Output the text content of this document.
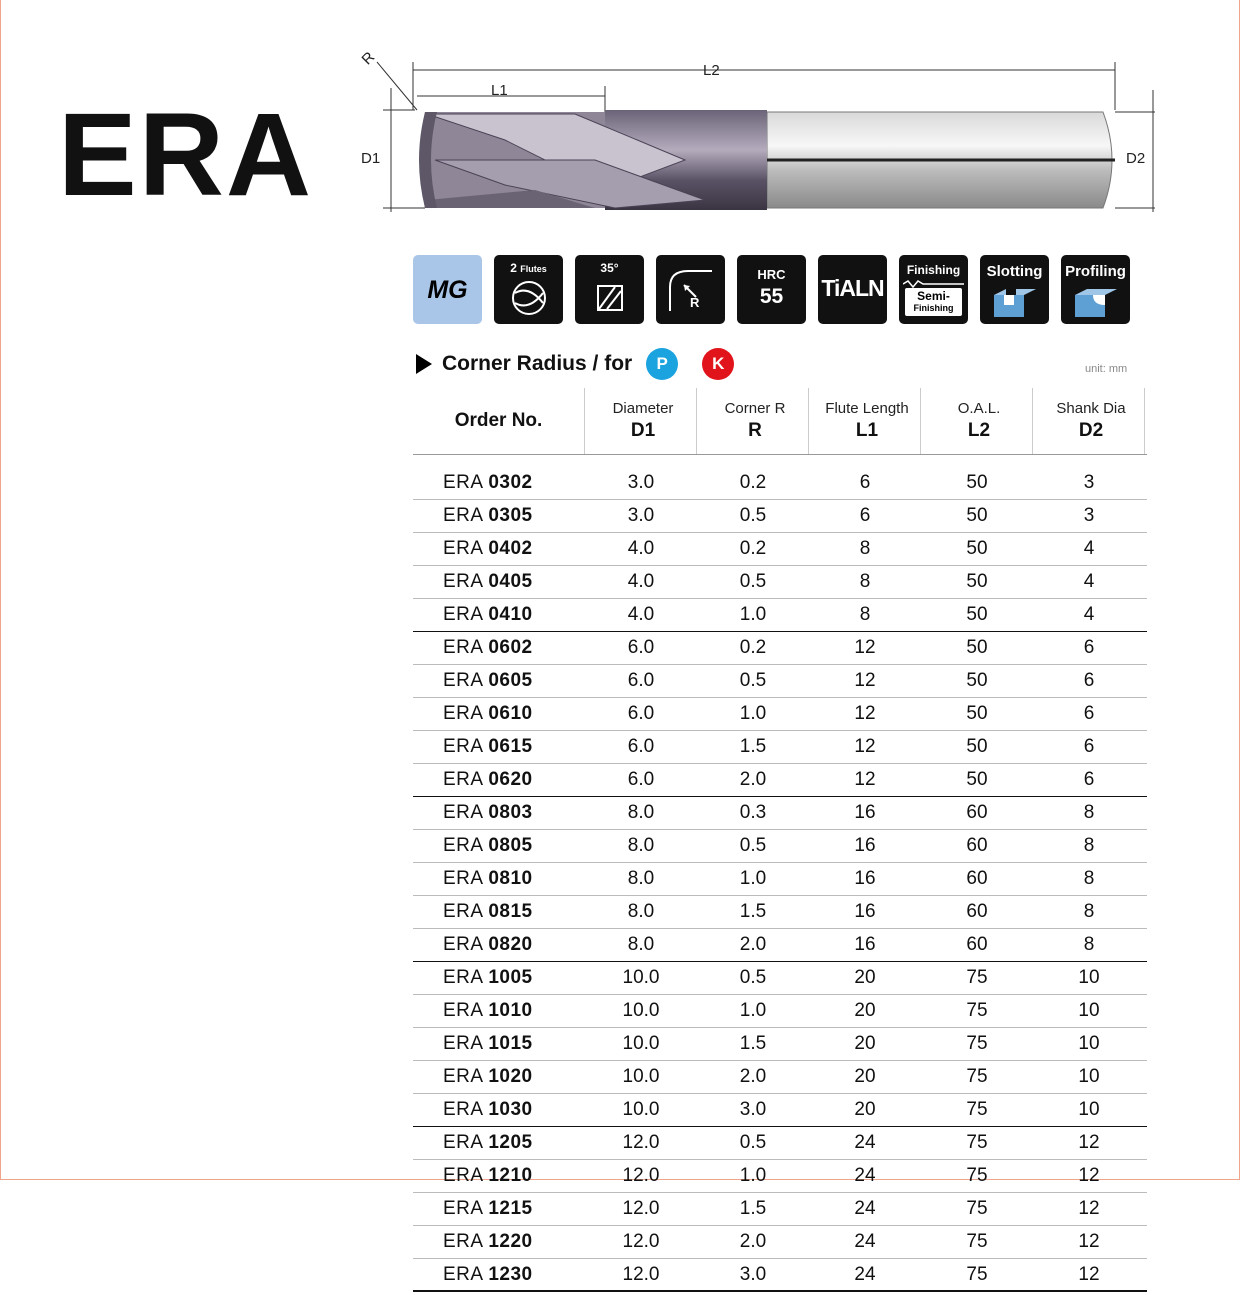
ERA
R
L1
L2
D1	D2
MG
2 Flutes	35°
R
HRC
55	TiALN
Finishing
Semi-
Finishing
Slotting	Profiling
Corner Radius / for	P	K	unit: mm
Order No.
Diameter
D1
Corner R
R
Flute Length
L1
O.A.L.
L2
Shank Dia
D2
ERA 0302	3.0	0.2	6	50	3
ERA 0305	3.0	0.5	6	50	3
ERA 0402	4.0	0.2	8	50	4
ERA 0405	4.0	0.5	8	50	4
ERA 0410	4.0	1.0	8	50	4
ERA 0602	6.0	0.2	12	50	6
ERA 0605	6.0	0.5	12	50	6
ERA 0610	6.0	1.0	12	50	6
ERA 0615	6.0	1.5	12	50	6
ERA 0620	6.0	2.0	12	50	6
ERA 0803	8.0	0.3	16	60	8
ERA 0805	8.0	0.5	16	60	8
ERA 0810	8.0	1.0	16	60	8
ERA 0815	8.0	1.5	16	60	8
ERA 0820	8.0	2.0	16	60	8
ERA 1005	10.0	0.5	20	75	10
ERA 1010	10.0	1.0	20	75	10
ERA 1015	10.0	1.5	20	75	10
ERA 1020	10.0	2.0	20	75	10
ERA 1030	10.0	3.0	20	75	10
ERA 1205	12.0	0.5	24	75	12
ERA 1210	12.0	1.0	24	75	12
ERA 1215	12.0	1.5	24	75	12
ERA 1220	12.0	2.0	24	75	12
ERA 1230	12.0	3.0	24	75	12
